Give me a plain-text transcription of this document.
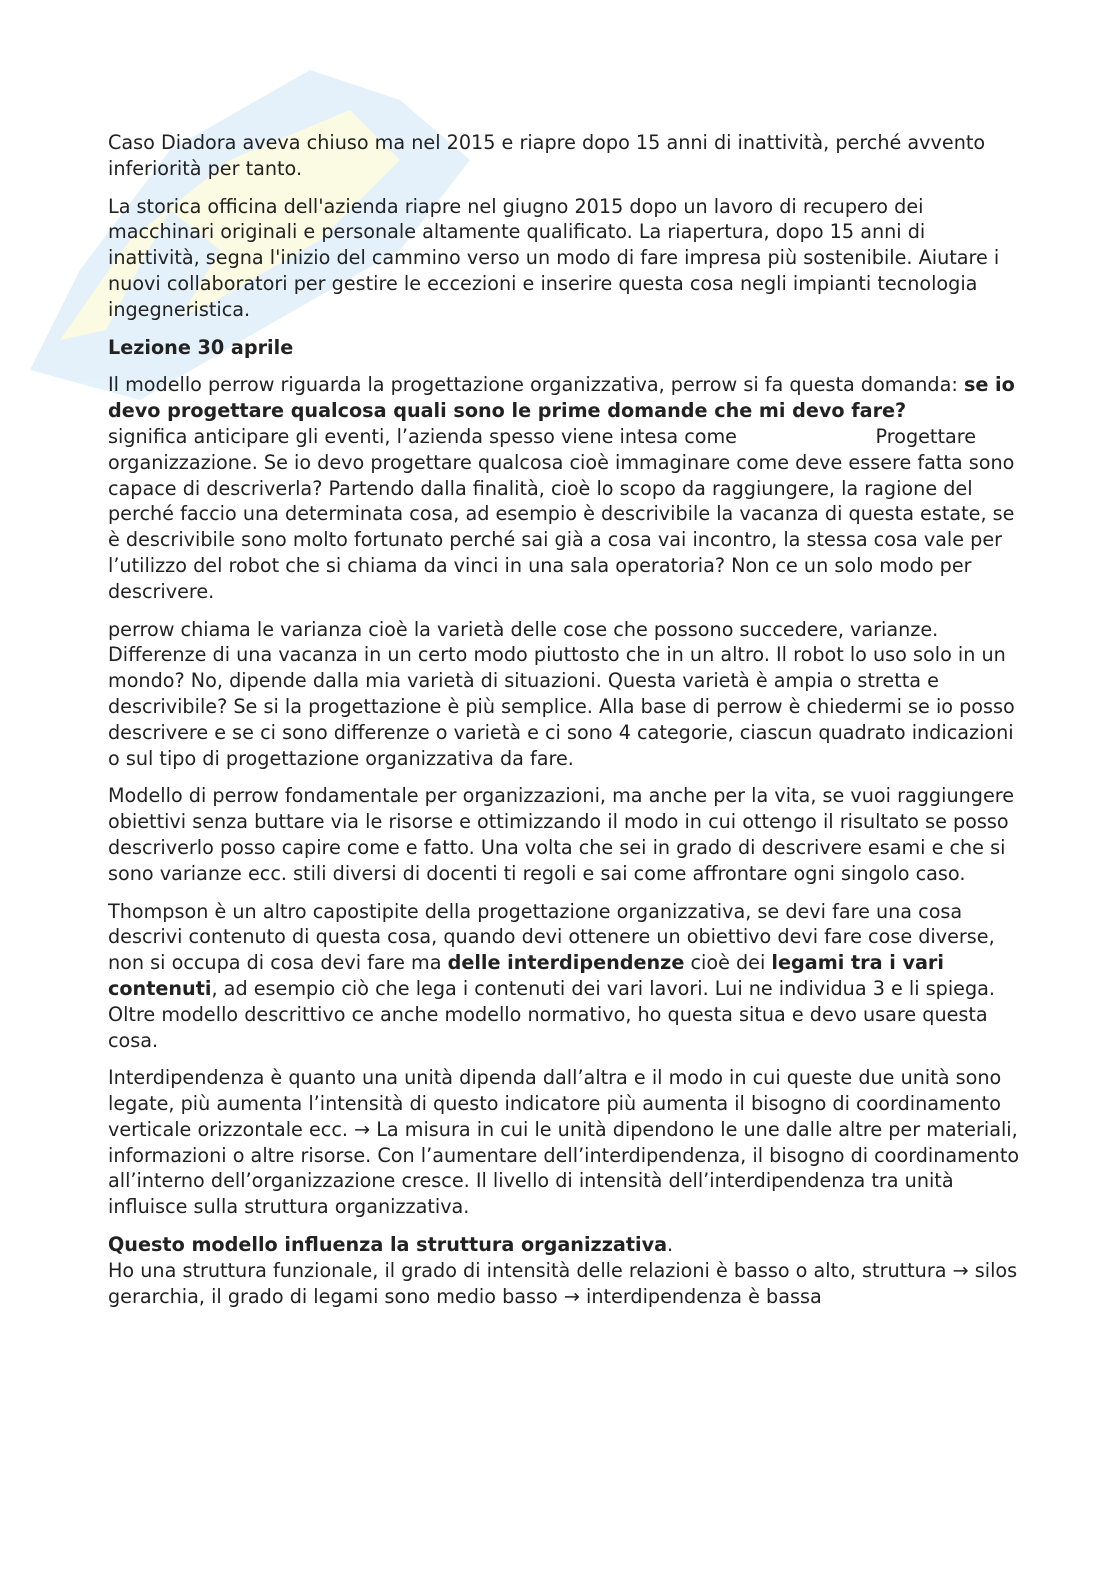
Caso Diadora aveva chiuso ma nel 2015 e riapre dopo 15 anni di inattività, perché avvento inferiorità per tanto.

La storica officina dell'azienda riapre nel giugno 2015 dopo un lavoro di recupero dei macchinari originali e personale altamente qualificato. La riapertura, dopo 15 anni di inattività, segna l'inizio del cammino verso un modo di fare impresa più sostenibile. Aiutare i nuovi collaboratori per gestire le eccezioni e inserire questa cosa negli impianti tecnologia ingegneristica.

Lezione 30 aprile

Il modello perrow riguarda la progettazione organizzativa, perrow si fa questa domanda: se io devo progettare qualcosa quali sono le prime domande che mi devo fare?
Progettare

significa anticipare gli eventi, l’azienda spesso viene intesa come organizzazione. Se io devo progettare qualcosa cioè immaginare come deve essere fatta sono capace di descriverla? Partendo dalla finalità, cioè lo scopo da raggiungere, la ragione del perché faccio una determinata cosa, ad esempio è descrivibile la vacanza di questa estate, se è descrivibile sono molto fortunato perché sai già a cosa vai incontro, la stessa cosa vale per l’utilizzo del robot che si chiama da vinci in una sala operatoria? Non ce un solo modo per descrivere.

perrow chiama le varianza cioè la varietà delle cose che possono succedere, varianze. Differenze di una vacanza in un certo modo piuttosto che in un altro. Il robot lo uso solo in un mondo? No, dipende dalla mia varietà di situazioni. Questa varietà è ampia o stretta e descrivibile? Se si la progettazione è più semplice. Alla base di perrow è chiedermi se io posso descrivere e se ci sono differenze o varietà e ci sono 4 categorie, ciascun quadrato indicazioni o sul tipo di progettazione organizzativa da fare.

Modello di perrow fondamentale per organizzazioni, ma anche per la vita, se vuoi raggiungere obiettivi senza buttare via le risorse e ottimizzando il modo in cui ottengo il risultato se posso descriverlo posso capire come e fatto. Una volta che sei in grado di descrivere esami e che si sono varianze ecc. stili diversi di docenti ti regoli e sai come affrontare ogni singolo caso.

Thompson è un altro capostipite della progettazione organizzativa, se devi fare una cosa descrivi contenuto di questa cosa, quando devi ottenere un obiettivo devi fare cose diverse, non si occupa di cosa devi fare ma delle interdipendenze cioè dei legami tra i vari contenuti, ad esempio ciò che lega i contenuti dei vari lavori. Lui ne individua 3 e li spiega. Oltre modello descrittivo ce anche modello normativo, ho questa situa e devo usare questa cosa.

Interdipendenza è quanto una unità dipenda dall’altra e il modo in cui queste due unità sono legate, più aumenta l’intensità di questo indicatore più aumenta il bisogno di coordinamento verticale orizzontale ecc. → La misura in cui le unità dipendono le une dalle altre per materiali, informazioni o altre risorse. Con l’aumentare dell’interdipendenza, il bisogno di coordinamento all’interno dell’organizzazione cresce. Il livello di intensità dell’interdipendenza tra unità influisce sulla struttura organizzativa.

Questo modello influenza la struttura organizzativa.

Ho una struttura funzionale, il grado di intensità delle relazioni è basso o alto, struttura → silos gerarchia, il grado di legami sono medio basso → interdipendenza è bassa
